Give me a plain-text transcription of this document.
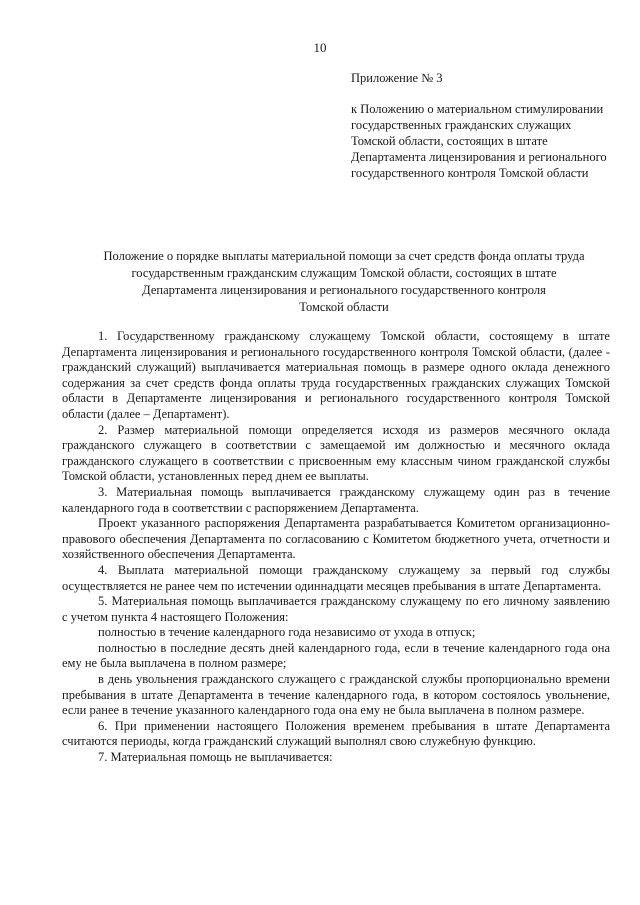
10

Приложение № 3

к Положению о материальном стимулировании государственных гражданских служащих Томской области, состоящих в штате Департамента лицензирования и регионального государственного контроля Томской области

Положение о порядке выплаты материальной помощи за счет средств фонда оплаты труда
государственным гражданским служащим Томской области, состоящих в штате
Департамента лицензирования и регионального государственного контроля
Томской области

1. Государственному гражданскому служащему Томской области, состоящему в штате Департамента лицензирования и регионального государственного контроля Томской области, (далее - гражданский служащий) выплачивается материальная помощь в размере одного оклада денежного содержания за счет средств фонда оплаты труда государственных гражданских служащих Томской области в Департаменте лицензирования и регионального государственного контроля Томской области (далее – Департамент).

2. Размер материальной помощи определяется исходя из размеров месячного оклада гражданского служащего в соответствии с замещаемой им должностью и месячного оклада гражданского служащего в соответствии с присвоенным ему классным чином гражданской службы Томской области, установленных перед днем ее выплаты.

3. Материальная помощь выплачивается гражданскому служащему один раз в течение календарного года в соответствии с распоряжением Департамента.

Проект указанного распоряжения Департамента разрабатывается Комитетом организационно-правового обеспечения Департамента по согласованию с Комитетом бюджетного учета, отчетности и хозяйственного обеспечения Департамента.

4. Выплата материальной помощи гражданскому служащему за первый год службы осуществляется не ранее чем по истечении одиннадцати месяцев пребывания в штате Департамента.

5. Материальная помощь выплачивается гражданскому служащему по его личному заявлению с учетом пункта 4 настоящего Положения:

полностью в течение календарного года независимо от ухода в отпуск;

полностью в последние десять дней календарного года, если в течение календарного года она ему не была выплачена в полном размере;

в день увольнения гражданского служащего с гражданской службы пропорционально времени пребывания в штате Департамента в течение календарного года, в котором состоялось увольнение, если ранее в течение указанного календарного года она ему не была выплачена в полном размере.

6. При применении настоящего Положения временем пребывания в штате Департамента считаются периоды, когда гражданский служащий выполнял свою служебную функцию.

7. Материальная помощь не выплачивается:
